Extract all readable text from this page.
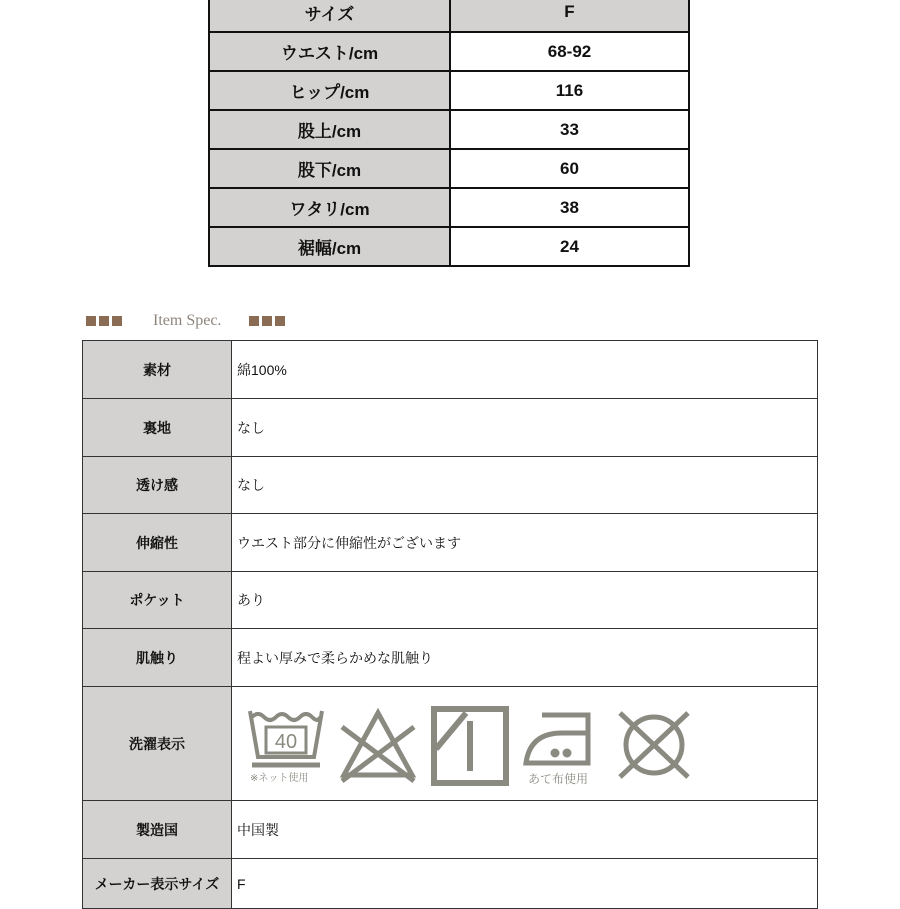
サイズ	F
ウエスト/cm	68-92
ヒップ/cm	116
股上/cm	33
股下/cm	60
ワタリ/cm	38
裾幅/cm	24
Item Spec.
素材	綿100%
裏地	なし
透け感	なし
伸縮性	ウエスト部分に伸縮性がございます
ポケット	あり
肌触り	程よい厚みで柔らかめな肌触り
洗濯表示	40
※ネット使用 あて布使用

製造国	中国製
メーカー表示サイズ	F
